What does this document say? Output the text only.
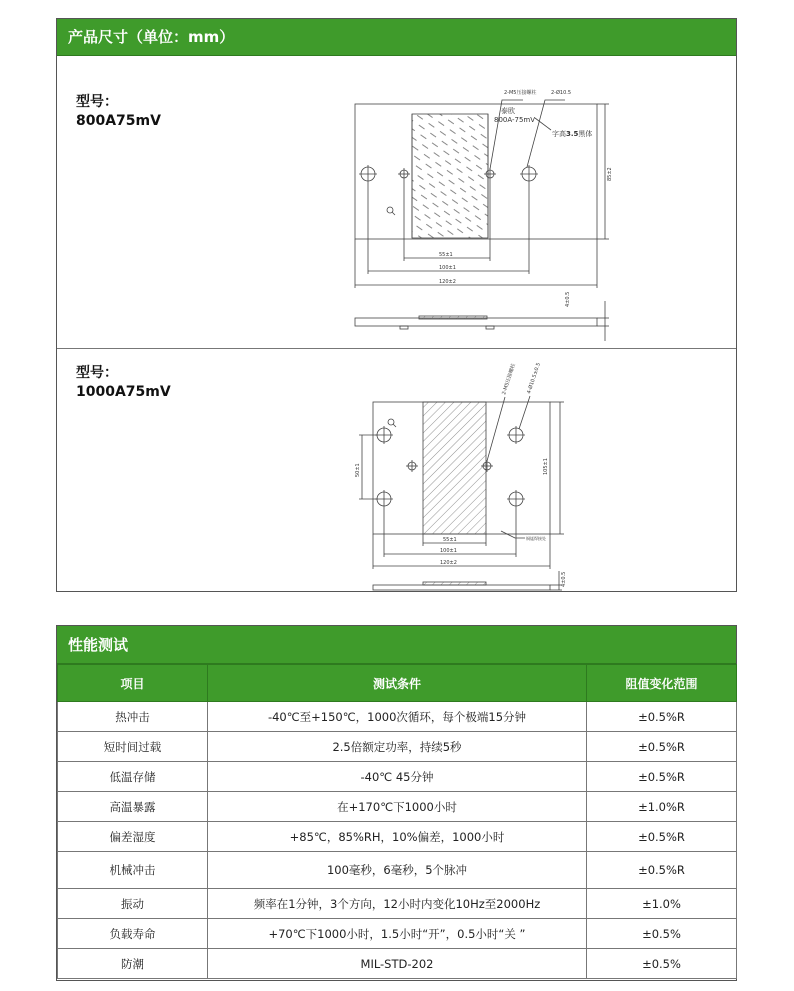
产品尺寸（单位：mm）
型号：
800A75mV
2-M5压接螺柱	2-Ø10.5
泰欧
800A-75mV
字高3.5黑体
55±1
100±1
120±2
85±2
4±0.5
型号：
1000A75mV	2-M5压接螺柱 4-Ø10.5±0.5
50±1	105±1
55±1
100±1
120±2
铜锰焊接处
4±0.5
性能测试
项目	测试条件	阻值变化范围
热冲击	-40℃至+150℃，1000次循环，每个极端15分钟	±0.5%R
短时间过载	2.5倍额定功率，持续5秒	±0.5%R
低温存储	-40℃ 45分钟	±0.5%R
高温暴露	在+170℃下1000小时	±1.0%R
偏差湿度	+85℃，85%RH，10%偏差，1000小时	±0.5%R
机械冲击	100毫秒，6毫秒，5个脉冲	±0.5%R
振动	频率在1分钟，3个方向，12小时内变化10Hz至2000Hz	±1.0%
负载寿命	+70℃下1000小时，1.5小时“开”，0.5小时“关 ”	±0.5%
防潮	MIL-STD-202	±0.5%
